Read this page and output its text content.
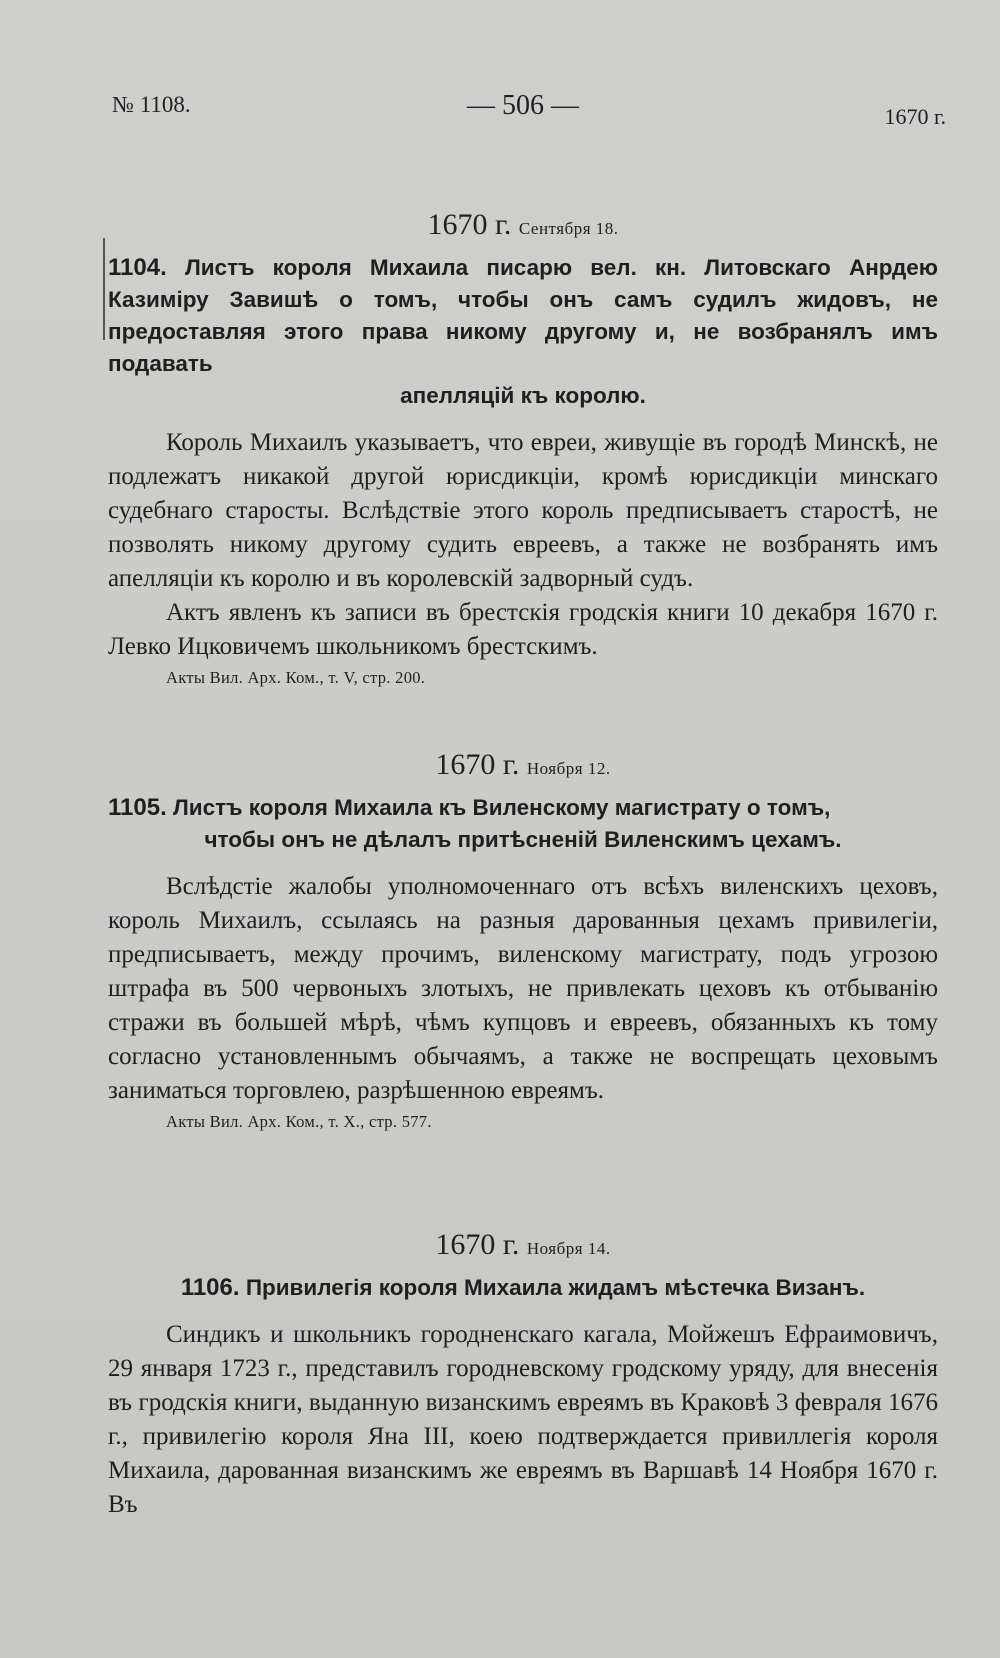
№ 1108.	— 506 —	1670 г.
1670 г. Сентября 18.

1104. Листъ короля Михаила писарю вел. кн. Литовскаго Анрдею Казиміру Завишѣ о томъ, чтобы онъ самъ судилъ жидовъ, не предоставляя этого права никому другому и, не возбранялъ имъ подавать
апелляцій къ королю.

Король Михаилъ указываетъ, что евреи, живущіе въ городѣ Минскѣ, не подлежатъ никакой другой юрисдикціи, кромѣ юрисдикціи минскаго судебнаго старосты. Вслѣдствіе этого король предписываетъ старостѣ, не позволять никому другому судить евреевъ, а также не возбранять имъ апелляціи къ королю и въ королевскій задворный судъ.

Актъ явленъ къ записи въ брестскія гродскія книги 10 декабря 1670 г. Левко Ицковичемъ школьникомъ брестскимъ.

Акты Вил. Арх. Ком., т. V, стр. 200.

1670 г. Ноября 12.

1105. Листъ короля Михаила къ Виленскому магистрату о томъ,
чтобы онъ не дѣлалъ притѣсненій Виленскимъ цехамъ.

Вслѣдстіе жалобы уполномоченнаго отъ всѣхъ виленскихъ цеховъ, король Михаилъ, ссылаясь на разныя дарованныя цехамъ привилегіи, предписываетъ, между прочимъ, виленскому магистрату, подъ угрозою штрафа въ 500 червоныхъ злотыхъ, не привлекать цеховъ къ отбыванію стражи въ большей мѣрѣ, чѣмъ купцовъ и евреевъ, обязанныхъ къ тому согласно установленнымъ обычаямъ, а также не воспрещать цеховымъ заниматься торговлею, разрѣшенною евреямъ.

Акты Вил. Арх. Ком., т. X., стр. 577.

1670 г. Ноября 14.

1106. Привилегія короля Михаила жидамъ мѣстечка Визанъ.

Синдикъ и школьникъ городненскаго кагала, Мойжешъ Ефраимовичъ, 29 января 1723 г., представилъ городневскому гродскому уряду, для внесенія въ гродскія книги, выданную визанскимъ евреямъ въ Краковѣ 3 февраля 1676 г., привилегію короля Яна III, коею подтверждается привиллегія короля Михаила, дарованная визанскимъ же евреямъ въ Варшавѣ 14 Ноября 1670 г. Въ
